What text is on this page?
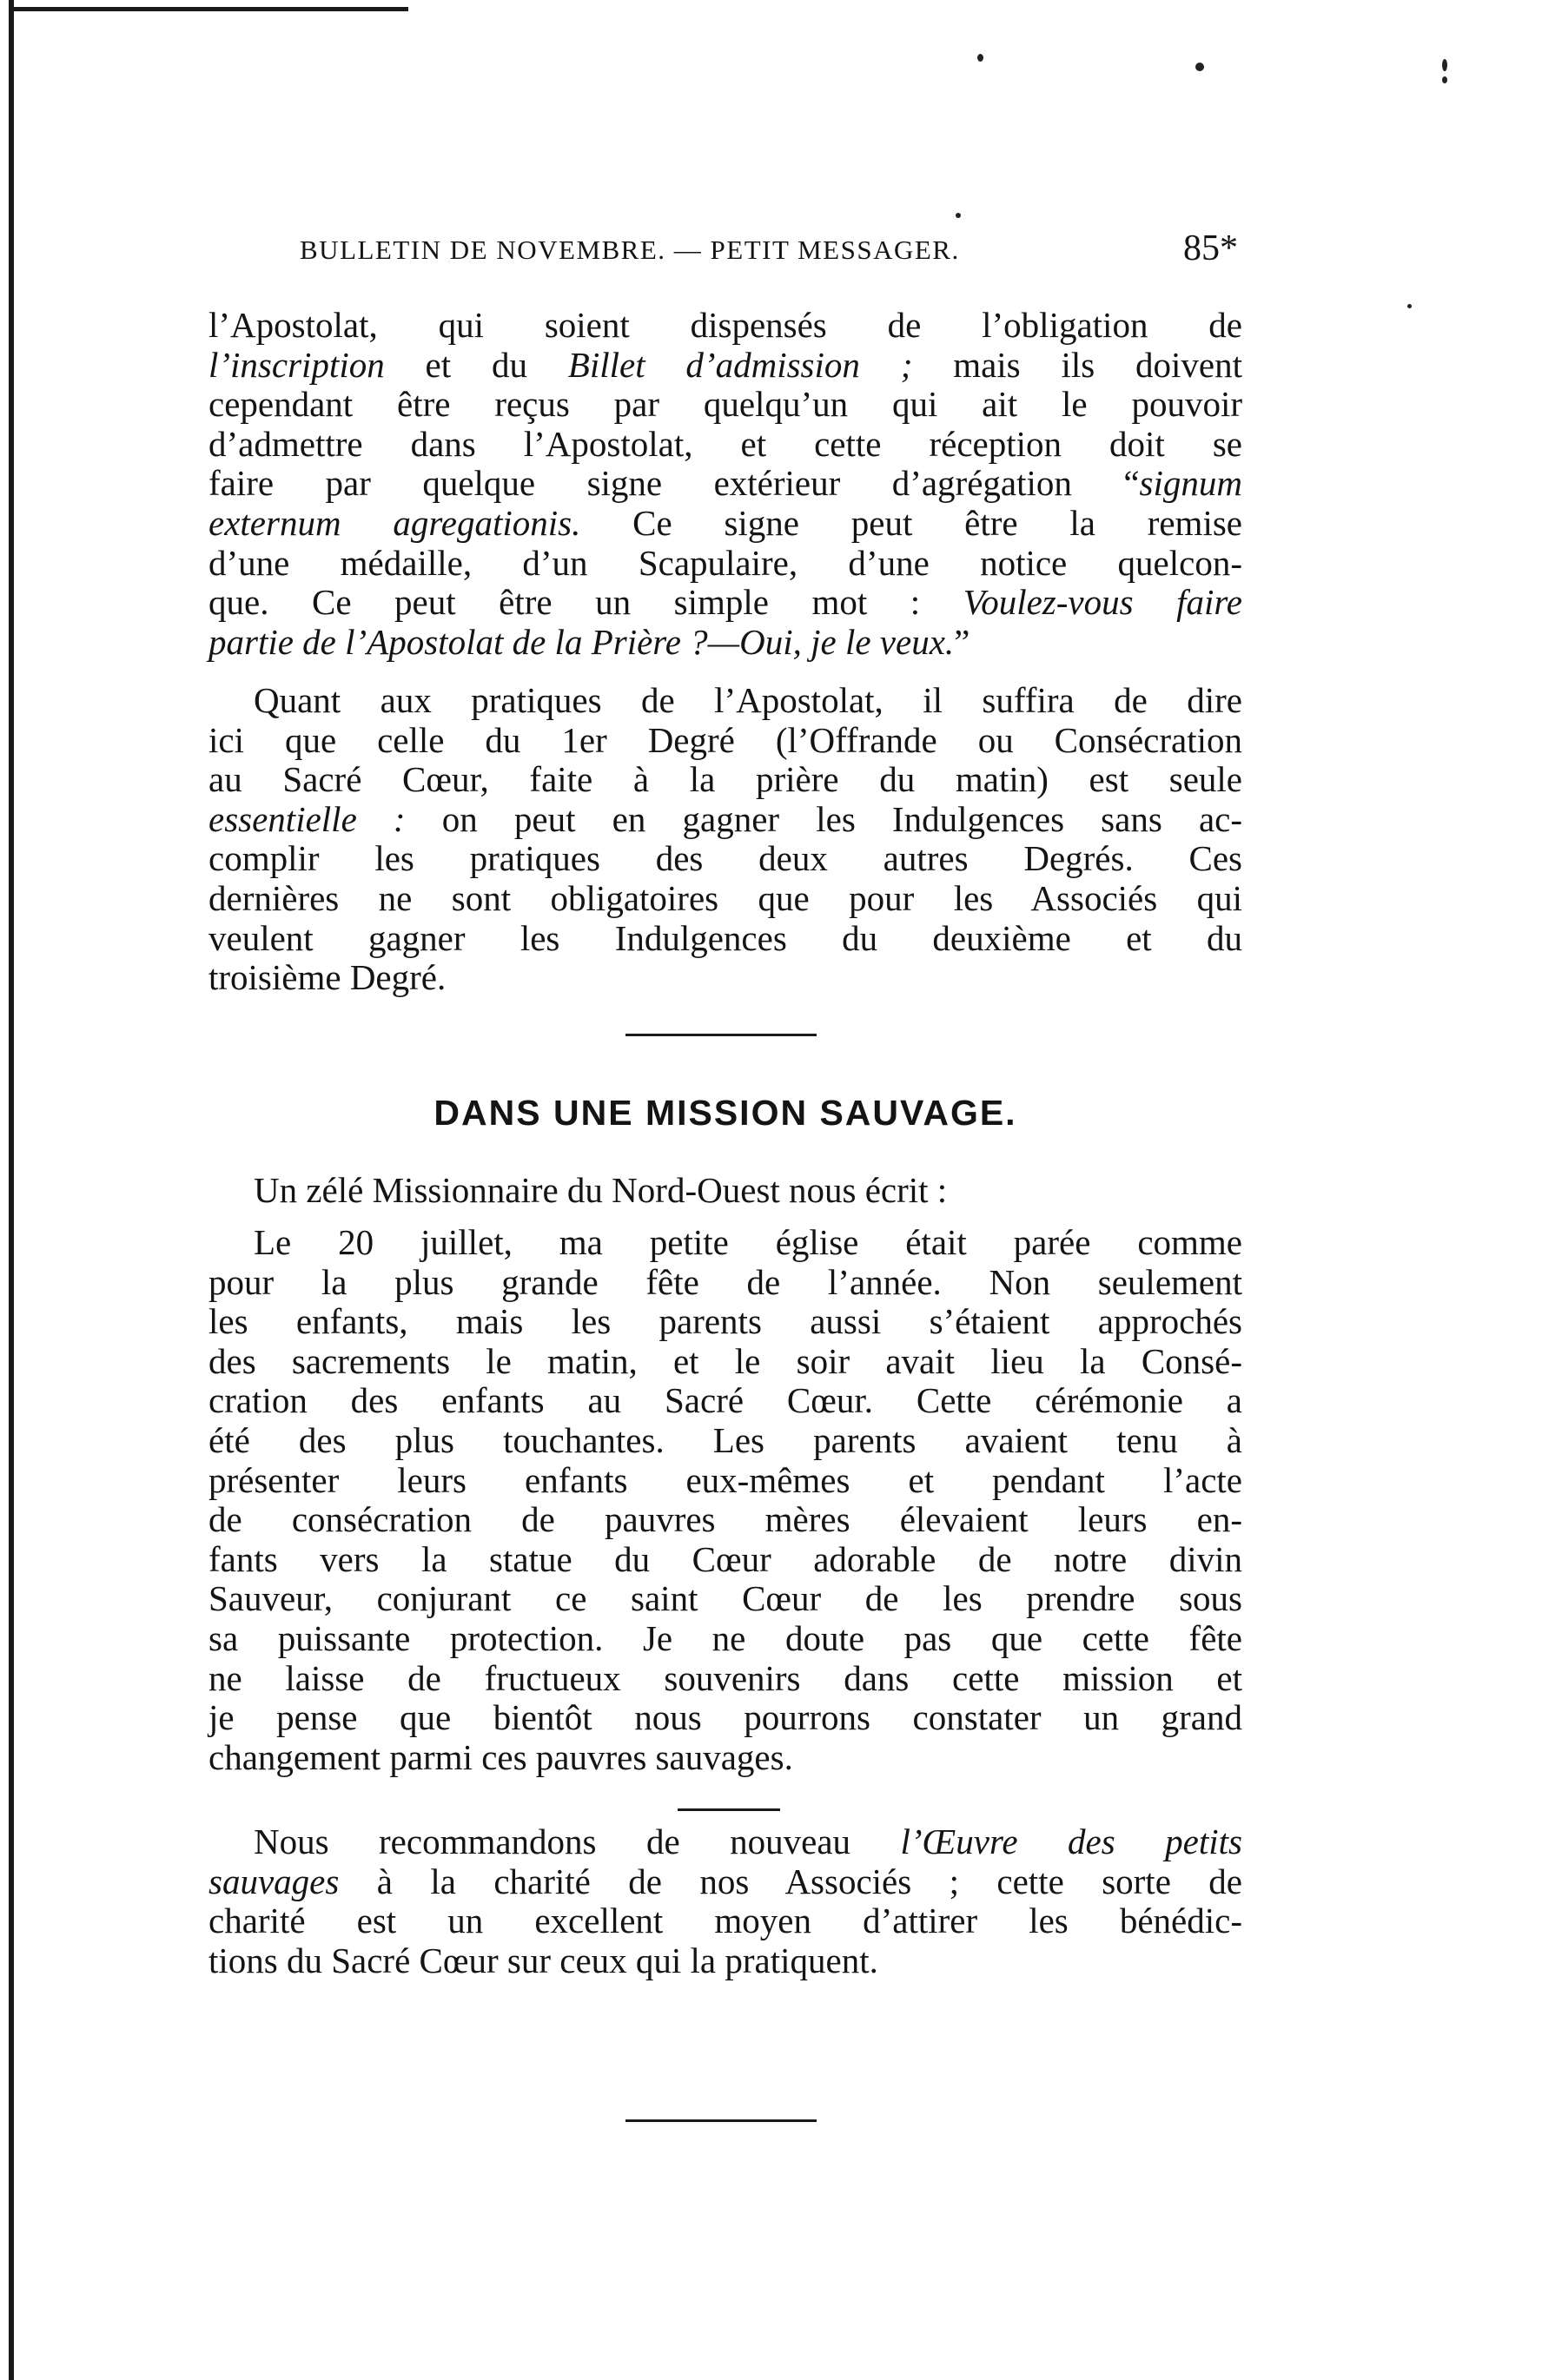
BULLETIN DE NOVEMBRE. — PETIT MESSAGER.	85*
l’Apostolat, qui soient dispensés de l’obligation de
l’inscription et du Billet d’admission ; mais ils doivent
cependant être reçus par quelqu’un qui ait le pouvoir
d’admettre dans l’Apostolat, et cette réception doit se
faire par quelque signe extérieur d’agrégation “signum
externum agregationis. Ce signe peut être la remise
d’une médaille, d’un Scapulaire, d’une notice quelcon-
que. Ce peut être un simple mot : Voulez-vous faire
partie de l’Apostolat de la Prière ?—Oui, je le veux.”
Quant aux pratiques de l’Apostolat, il suffira de dire
ici que celle du 1er Degré (l’Offrande ou Consécration
au Sacré Cœur, faite à la prière du matin) est seule
essentielle : on peut en gagner les Indulgences sans ac-
complir les pratiques des deux autres Degrés. Ces
dernières ne sont obligatoires que pour les Associés qui
veulent gagner les Indulgences du deuxième et du
troisième Degré.
DANS UNE MISSION SAUVAGE.
Un zélé Missionnaire du Nord-Ouest nous écrit :
Le 20 juillet, ma petite église était parée comme
pour la plus grande fête de l’année. Non seulement
les enfants, mais les parents aussi s’étaient approchés
des sacrements le matin, et le soir avait lieu la Consé-
cration des enfants au Sacré Cœur. Cette cérémonie a
été des plus touchantes. Les parents avaient tenu à
présenter leurs enfants eux-mêmes et pendant l’acte
de consécration de pauvres mères élevaient leurs en-
fants vers la statue du Cœur adorable de notre divin
Sauveur, conjurant ce saint Cœur de les prendre sous
sa puissante protection. Je ne doute pas que cette fête
ne laisse de fructueux souvenirs dans cette mission et
je pense que bientôt nous pourrons constater un grand
changement parmi ces pauvres sauvages.
Nous recommandons de nouveau l’Œuvre des petits
sauvages à la charité de nos Associés ; cette sorte de
charité est un excellent moyen d’attirer les bénédic-
tions du Sacré Cœur sur ceux qui la pratiquent.
